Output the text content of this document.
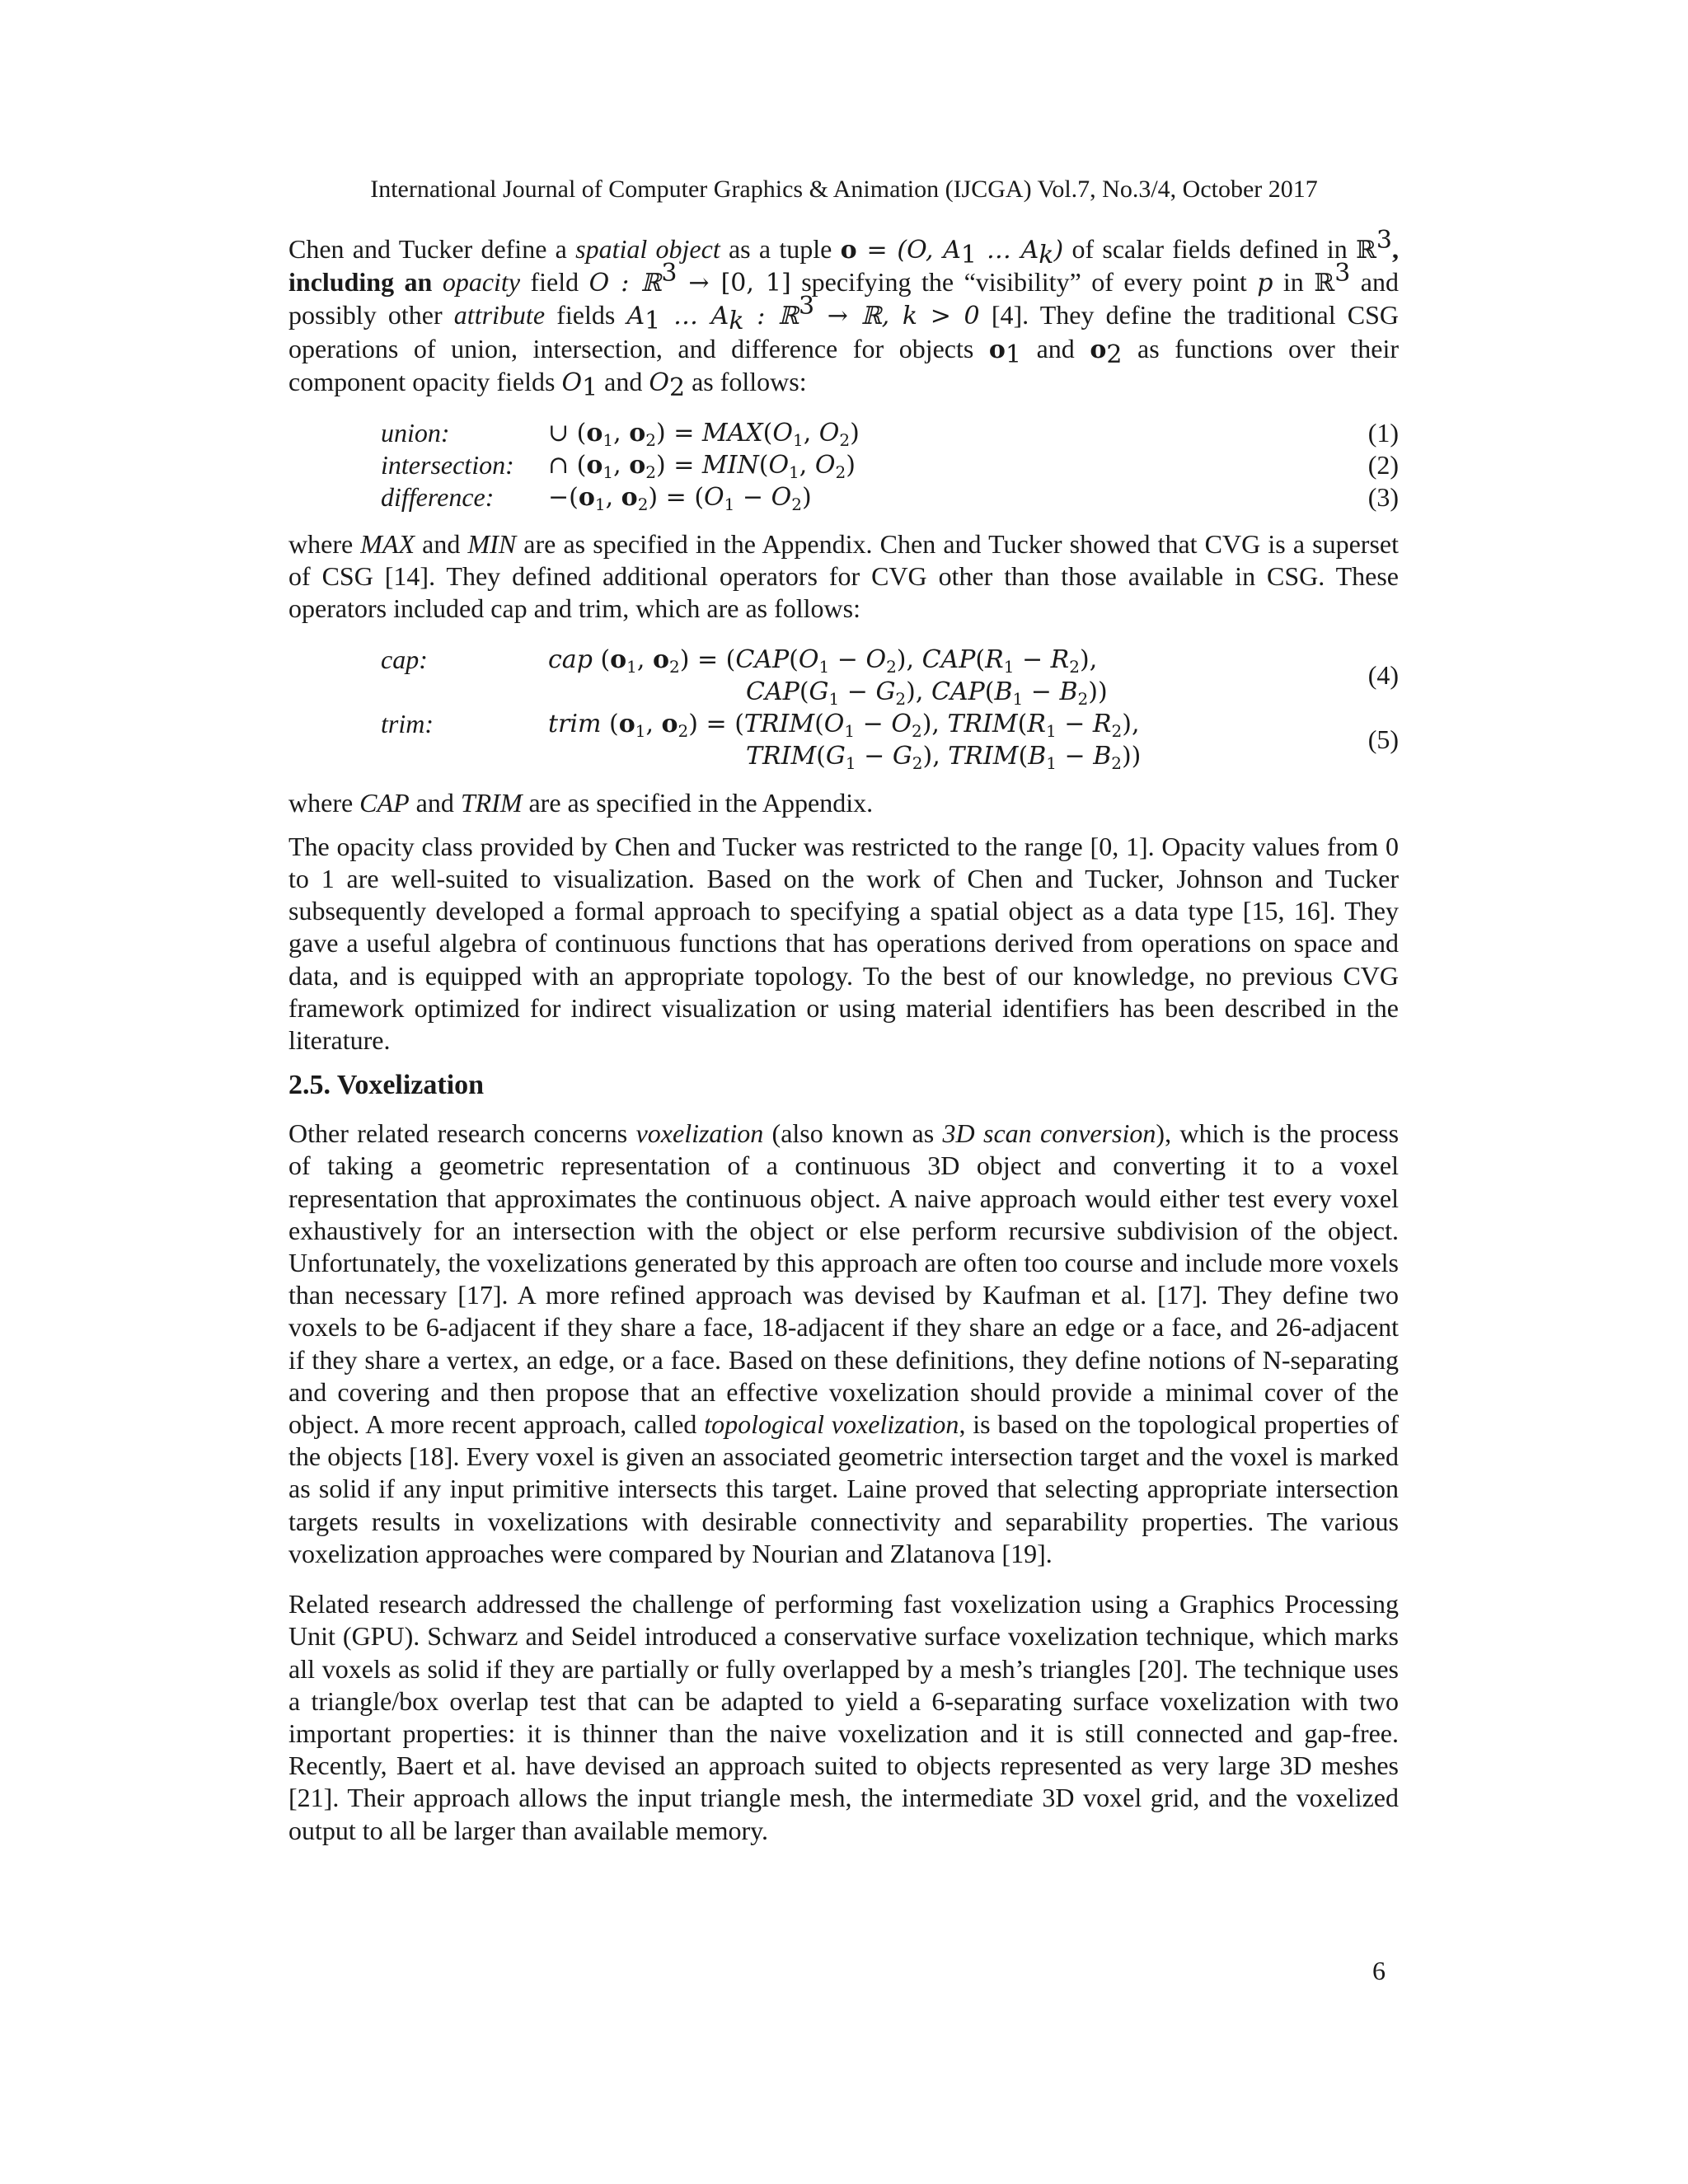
International Journal of Computer Graphics & Animation (IJCGA) Vol.7, No.3/4, October 2017

Chen and Tucker define a spatial object as a tuple o = (O, $A_1$ … $A_k$) of scalar fields defined in ℝ$^3$, including an opacity field O : ℝ$^3$ → [0, 1] specifying the “visibility” of every point p in ℝ$^3$ and possibly other attribute fields $A_1$ … $A_k$ : ℝ$^3$ → ℝ, k > 0 [4]. They define the traditional CSG operations of union, intersection, and difference for objects $o_1$ and $o_2$ as functions over their component opacity fields $O_1$ and $O_2$ as follows:

union:	∪ ($o_1$, $o_2) = MAX(O_1$, $O_2$)	(1)
intersection: ∩ ($o_1$, $o_2) = MIN(O_1$, $O_2$)	(2)
difference: $-(o_1$, $o_2) = (O_1 - O_2)$	(3)

where MAX and MIN are as specified in the Appendix. Chen and Tucker showed that CVG is a superset of CSG [14]. They defined additional operators for CVG other than those available in CSG. These operators included cap and trim, which are as follows:

cap:	cap ($o_1$, $o_2) = (CAP(O_1 - O_2)$, $CAP(R_1 - R_2)$,
(4)
$CAP(G_1 - G_2)$, $CAP(B_1 - B_2)$)
trim:	trim ($o_1$, $o_2$) = ($TRIM(O_1 - O_2)$, $TRIM(R_1 - R_2)$,
(5)
$TRIM(G_1 - G_2)$, $TRIM(B_1 - B_2)$)

where CAP and TRIM are as specified in the Appendix.

The opacity class provided by Chen and Tucker was restricted to the range [0, 1]. Opacity values from 0 to 1 are well-suited to visualization. Based on the work of Chen and Tucker, Johnson and Tucker subsequently developed a formal approach to specifying a spatial object as a data type [15, 16]. They gave a useful algebra of continuous functions that has operations derived from operations on space and data, and is equipped with an appropriate topology. To the best of our knowledge, no previous CVG framework optimized for indirect visualization or using material identifiers has been described in the literature.

2.5. Voxelization

Other related research concerns voxelization (also known as 3D scan conversion), which is the process of taking a geometric representation of a continuous 3D object and converting it to a voxel representation that approximates the continuous object. A naive approach would either test every voxel exhaustively for an intersection with the object or else perform recursive subdivision of the object. Unfortunately, the voxelizations generated by this approach are often too course and include more voxels than necessary [17]. A more refined approach was devised by Kaufman et al. [17]. They define two voxels to be 6-adjacent if they share a face, 18-adjacent if they share an edge or a face, and 26-adjacent if they share a vertex, an edge, or a face. Based on these definitions, they define notions of N-separating and covering and then propose that an effective voxelization should provide a minimal cover of the object. A more recent approach, called topological voxelization, is based on the topological properties of the objects [18]. Every voxel is given an associated geometric intersection target and the voxel is marked as solid if any input primitive intersects this target. Laine proved that selecting appropriate intersection targets results in voxelizations with desirable connectivity and separability properties. The various voxelization approaches were compared by Nourian and Zlatanova [19].

Related research addressed the challenge of performing fast voxelization using a Graphics Processing Unit (GPU). Schwarz and Seidel introduced a conservative surface voxelization technique, which marks all voxels as solid if they are partially or fully overlapped by a mesh’s triangles [20]. The technique uses a triangle/box overlap test that can be adapted to yield a 6-separating surface voxelization with two important properties: it is thinner than the naive voxelization and it is still connected and gap-free. Recently, Baert et al. have devised an approach suited to objects represented as very large 3D meshes [21]. Their approach allows the input triangle mesh, the intermediate 3D voxel grid, and the voxelized output to all be larger than available memory.

6
